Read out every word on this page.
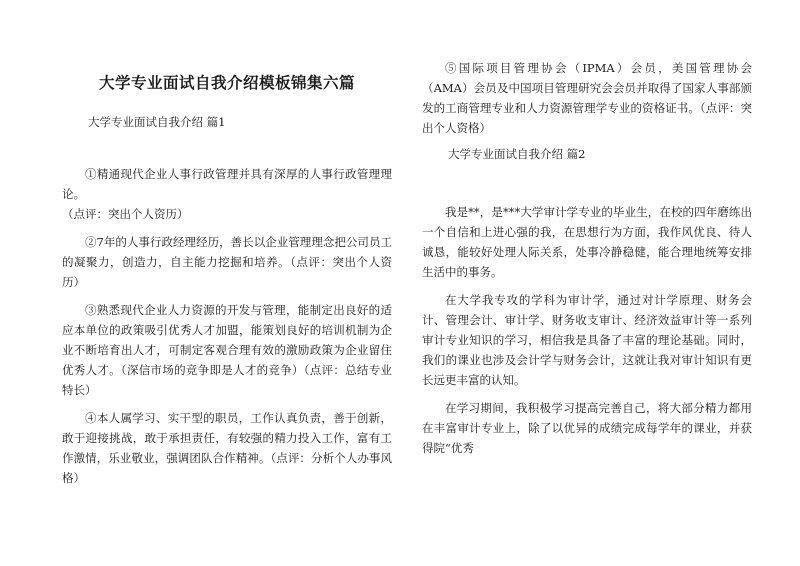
大学专业面试自我介绍模板锦集六篇
大学专业面试自我介绍 篇1

①精通现代企业人事行政管理并具有深厚的人事行政管理理论。

（点评：突出个人资历）

②7年的人事行政经理经历，善长以企业管理理念把公司员工的凝聚力，创造力，自主能力挖掘和培养。（点评：突出个人资历）

③熟悉现代企业人力资源的开发与管理，能制定出良好的适应本单位的政策吸引优秀人才加盟，能策划良好的培训机制为企业不断培育出人才，可制定客观合理有效的激励政策为企业留住优秀人才。（深信市场的竞争即是人才的竞争）（点评：总结专业特长）

④本人属学习、实干型的职员，工作认真负责，善于创新，敢于迎接挑战，敢于承担责任，有较强的精力投入工作，富有工作激情，乐业敬业，强调团队合作精神。（点评：分析个人办事风格）

⑤国际项目管理协会（IPMA）会员，美国管理协会（AMA）会员及中国项目管理研究会会员并取得了国家人事部颁发的工商管理专业和人力资源管理学专业的资格证书。（点评：突出个人资格）

大学专业面试自我介绍 篇2

我是**，是***大学审计学专业的毕业生，在校的四年磨练出一个自信和上进心强的我，在思想行为方面，我作风优良、待人诚恳，能较好处理人际关系，处事冷静稳健，能合理地统筹安排生活中的事务。

在大学我专攻的学科为审计学，通过对计学原理、财务会计、管理会计、审计学、财务收支审计、经济效益审计等一系列审计专业知识的学习，相信我是具备了丰富的理论基础。同时，我们的课业也涉及会计学与财务会计，这就让我对审计知识有更长远更丰富的认知。

在学习期间，我积极学习提高完善自己，将大部分精力都用在丰富审计专业上，除了以优异的成绩完成每学年的课业，并获得院“优秀
